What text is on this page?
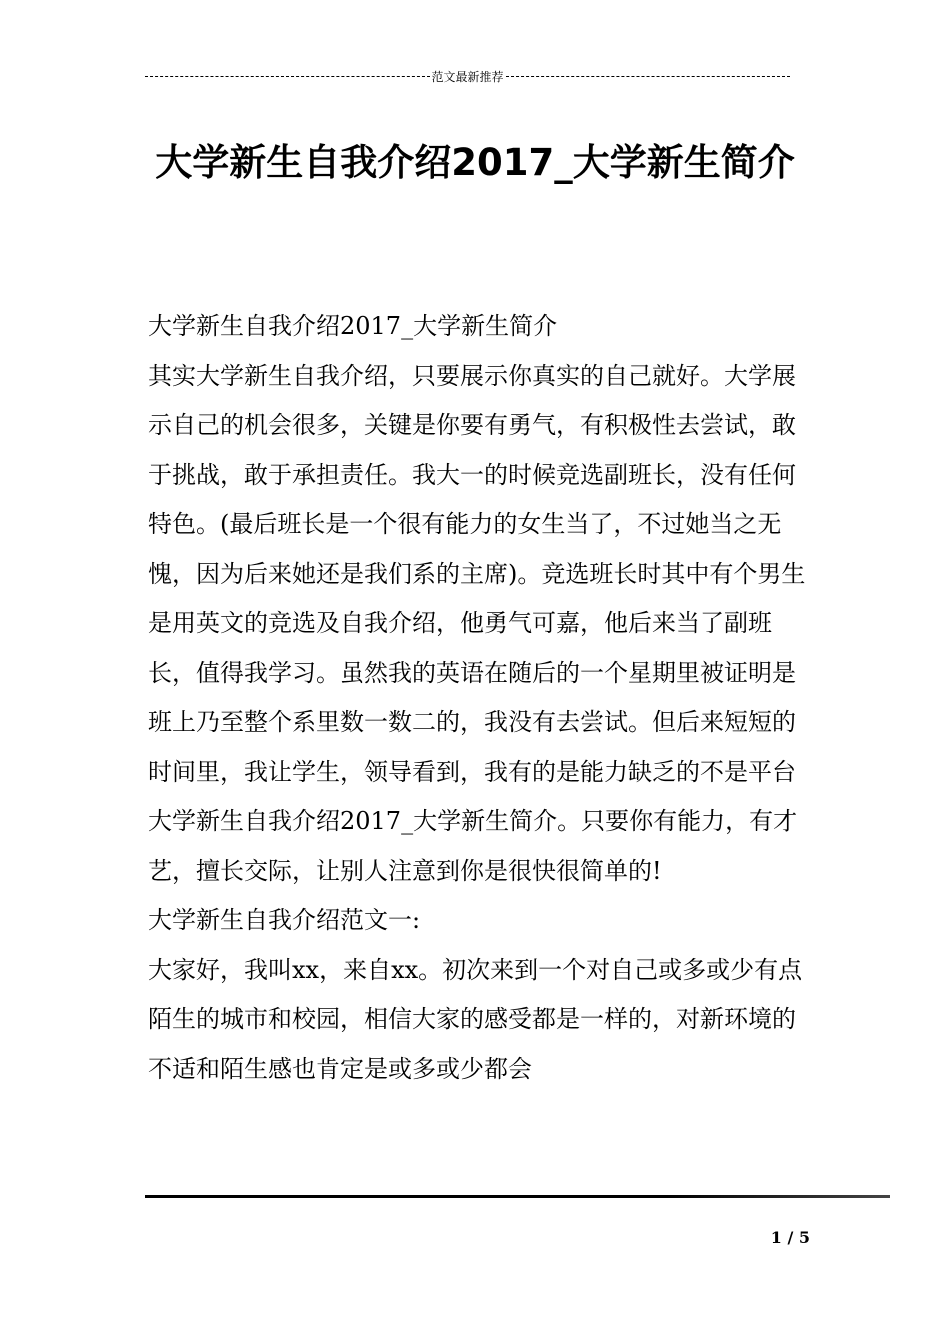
范文最新推荐
大学新生自我介绍2017_大学新生简介

大学新生自我介绍2017_大学新生简介

其实大学新生自我介绍，只要展示你真实的自己就好。大学展示自己的机会很多，关键是你要有勇气，有积极性去尝试，敢于挑战，敢于承担责任。我大一的时候竞选副班长，没有任何特色。(最后班长是一个很有能力的女生当了，不过她当之无愧，因为后来她还是我们系的主席)。竞选班长时其中有个男生是用英文的竞选及自我介绍，他勇气可嘉，他后来当了副班长，值得我学习。虽然我的英语在随后的一个星期里被证明是班上乃至整个系里数一数二的，我没有去尝试。但后来短短的时间里，我让学生，领导看到，我有的是能力缺乏的不是平台大学新生自我介绍2017_大学新生简介。只要你有能力，有才艺，擅长交际，让别人注意到你是很快很简单的!

大学新生自我介绍范文一:

大家好，我叫xx，来自xx。初次来到一个对自己或多或少有点陌生的城市和校园，相信大家的感受都是一样的，对新环境的不适和陌生感也肯定是或多或少都会

1 / 5
